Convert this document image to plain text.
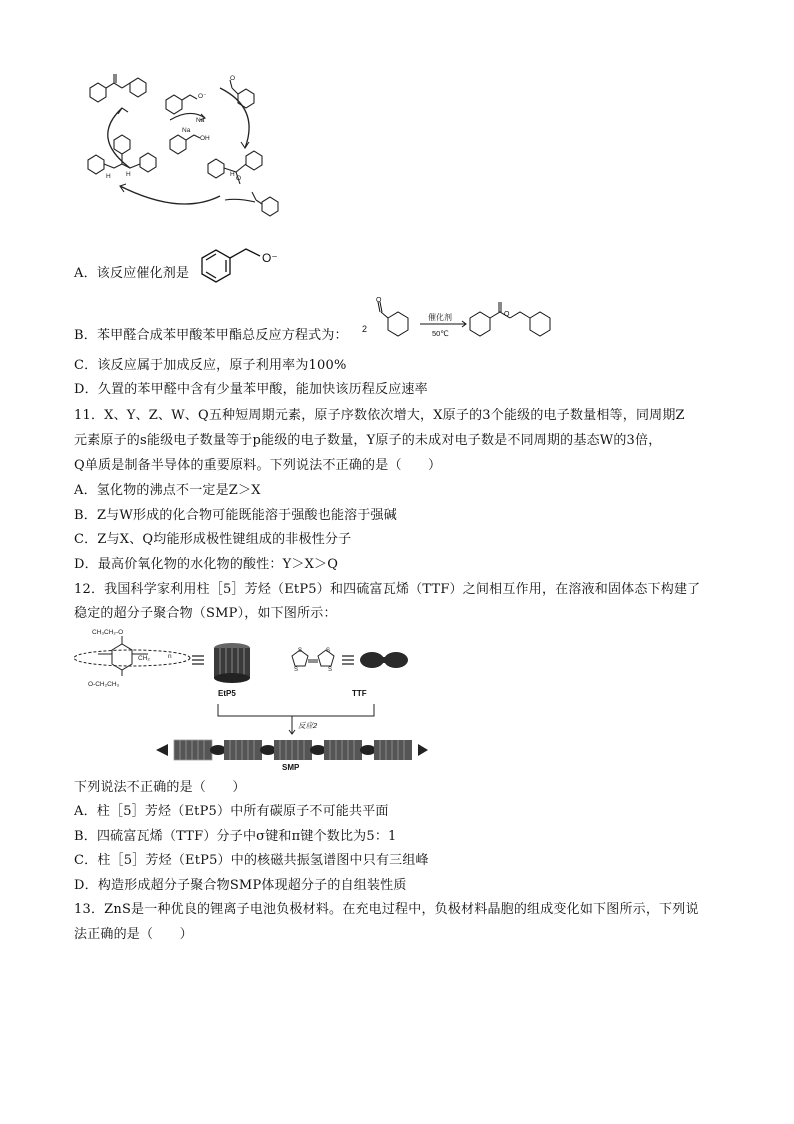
Na
Na
OH
O⁻
O
H
O
H H
A．该反应催化剂是
O⁻
B．苯甲醛合成苯甲酸苯甲酯总反应方程式为： 2
催化剂
50℃
O
O
C．该反应属于加成反应，原子利用率为100%
D．久置的苯甲醛中含有少量苯甲酸，能加快该历程反应速率
11．X、Y、Z、W、Q五种短周期元素，原子序数依次增大，X原子的3个能级的电子数量相等，同周期Z
元素原子的s能级电子数量等于p能级的电子数量，Y原子的未成对电子数是不同周期的基态W的3倍，
Q单质是制备半导体的重要原料。下列说法不正确的是（　　）
A．氢化物的沸点不一定是Z＞X
B．Z与W形成的化合物可能既能溶于强酸也能溶于强碱
C．Z与X、Q均能形成极性键组成的非极性分子
D．最高价氧化物的水化物的酸性：Y＞X＞Q
12．我国科学家利用柱［5］芳烃（EtP5）和四硫富瓦烯（TTF）之间相互作用，在溶液和固体态下构建了
稳定的超分子聚合物（SMP），如下图所示：
CH₃CH₂-O
O-CH₂CH₃
CH₂	n
EtP5
S
S
S
S
TTF
反应2
SMP
下列说法不正确的是（　　）
A．柱［5］芳烃（EtP5）中所有碳原子不可能共平面
B．四硫富瓦烯（TTF）分子中σ键和π键个数比为5：1
C．柱［5］芳烃（EtP5）中的核磁共振氢谱图中只有三组峰
D．构造形成超分子聚合物SMP体现超分子的自组装性质
13．ZnS是一种优良的锂离子电池负极材料。在充电过程中，负极材料晶胞的组成变化如下图所示，下列说
法正确的是（　　）
